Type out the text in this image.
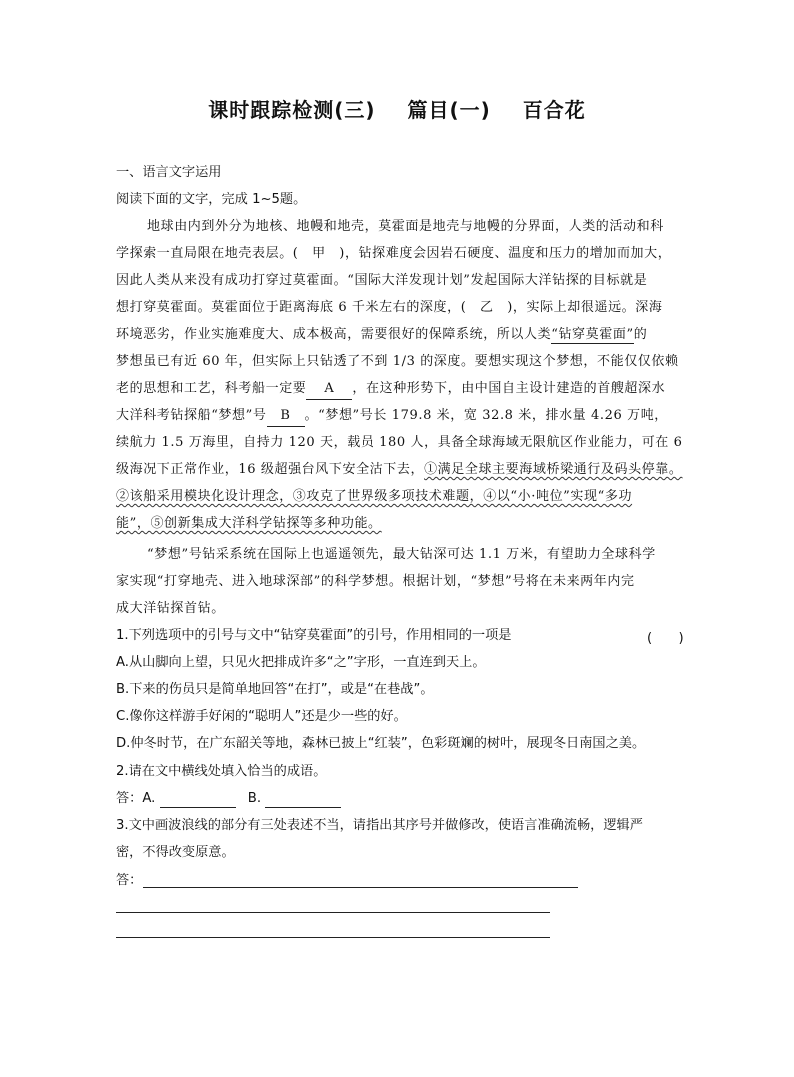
课时跟踪检测(三) 篇目(一) 百合花
一、语言文字运用
阅读下面的文字，完成 1~5题。
地球由内到外分为地核、地幔和地壳，莫霍面是地壳与地幔的分界面，人类的活动和科
学探索一直局限在地壳表层。(　甲　)，钻探难度会因岩石硬度、温度和压力的增加而加大，
因此人类从来没有成功打穿过莫霍面。“国际大洋发现计划”发起国际大洋钻探的目标就是
想打穿莫霍面。莫霍面位于距离海底 6 千米左右的深度，(　乙　)，实际上却很遥远。深海
环境恶劣，作业实施难度大、成本极高，需要很好的保障系统，所以人类“钻穿莫霍面”的
梦想虽已有近 60 年，但实际上只钻透了不到 1/3 的深度。要想实现这个梦想，不能仅仅依赖
老的思想和工艺，科考船一定要 A ，在这种形势下，由中国自主设计建造的首艘超深水
大洋科考钻探船“梦想”号 B 。“梦想”号长 179.8 米，宽 32.8 米，排水量 4.26 万吨，
续航力 1.5 万海里，自持力 120 天，载员 180 人，具备全球海域无限航区作业能力，可在 6
级海况下正常作业，16 级超强台风下安全沽下去，①满足全球主要海域桥梁通行及码头停靠。
②该船采用模块化设计理念，③攻克了世界级多项技术难题，④以“小·吨位”实现“多功
能”，⑤创新集成大洋科学钻探等多种功能。
“梦想”号钻采系统在国际上也遥遥领先，最大钻深可达 1.1 万米，有望助力全球科学
家实现“打穿地壳、进入地球深部”的科学梦想。根据计划，“梦想”号将在未来两年内完
成大洋钻探首钻。
1.下列选项中的引号与文中“钻穿莫霍面”的引号，作用相同的一项是	(　　)
A.从山脚向上望，只见火把排成许多“之”字形，一直连到天上。
B.下来的伤员只是简单地回答“在打”，或是“在巷战”。
C.像你这样游手好闲的“聪明人”还是少一些的好。
D.仲冬时节，在广东韶关等地，森林已披上“红装”，色彩斑斓的树叶，展现冬日南国之美。
2.请在文中横线处填入恰当的成语。
答：A.	B.
3.文中画波浪线的部分有三处表述不当，请指出其序号并做修改，使语言准确流畅，逻辑严
密，不得改变原意。
答：
